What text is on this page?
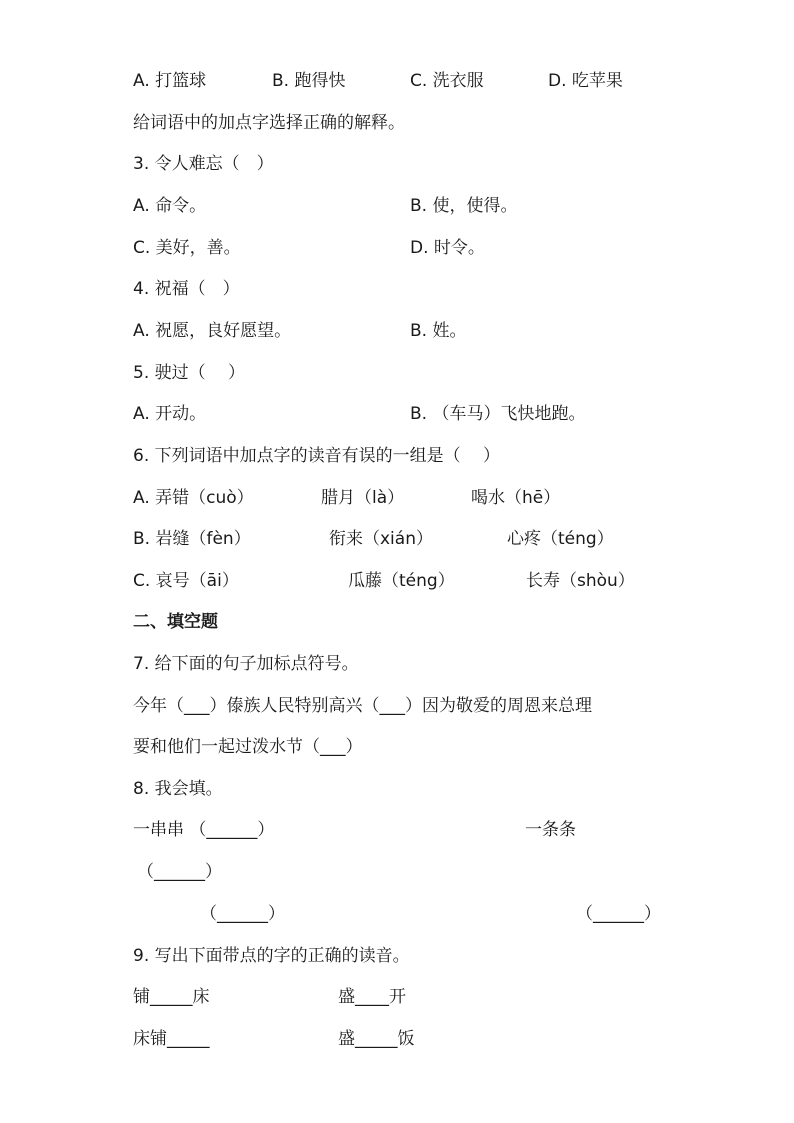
A. 打篮球	B. 跑得快	C. 洗衣服	D. 吃苹果
给词语中的加点字选择正确的解释。
3. 令人难忘（　）
A. 命令。	B. 使，使得。
C. 美好，善。	D. 时令。
4. 祝福（　）
A. 祝愿，良好愿望。	B. 姓。
5. 驶过（　 ）
A. 开动。	B. （车马）飞快地跑。
6. 下列词语中加点字的读音有误的一组是（　 ）
A. 弄错（cuò）	腊月（là）	喝水（hē）
B. 岩缝（fèn）	衔来（xián）	心疼（téng）
C. 哀号（āi）	瓜藤（téng）	长寿（shòu）
二、填空题
7. 给下面的句子加标点符号。
今年（___）傣族人民特别高兴（___）因为敬爱的周恩来总理
要和他们一起过泼水节（___）
8. 我会填。
一串串 （______）	一条条
（______）
（______）	（______）
9. 写出下面带点的字的正确的读音。
铺_____床	盛____开
床铺_____	盛_____饭
